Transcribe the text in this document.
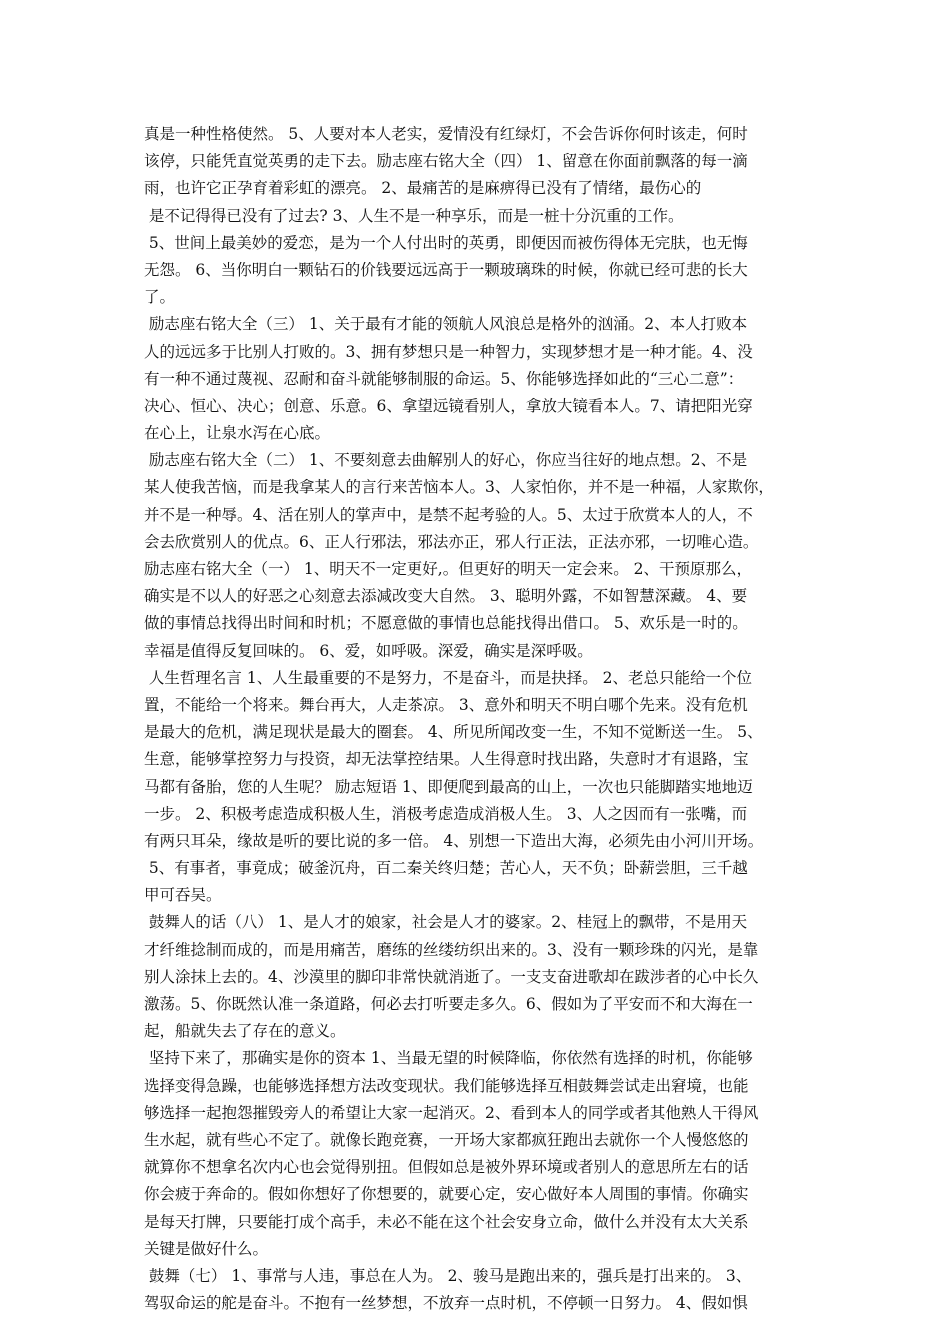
真是一种性格使然。 5、人要对本人老实，爱情没有红绿灯，不会告诉你何时该走，何时
该停，只能凭直觉英勇的走下去。励志座右铭大全（四） 1、留意在你面前飘落的每一滴
雨，也许它正孕育着彩虹的漂亮。 2、最痛苦的是麻痹得已没有了情绪，最伤心的
是不记得得已没有了过去? 3、人生不是一种享乐，而是一桩十分沉重的工作。
5、世间上最美妙的爱恋，是为一个人付出时的英勇，即便因而被伤得体无完肤，也无悔
无怨。 6、当你明白一颗钻石的价钱要远远高于一颗玻璃珠的时候，你就已经可悲的长大
了。
励志座右铭大全（三） 1、关于最有才能的领航人风浪总是格外的汹涌。2、本人打败本
人的远远多于比别人打败的。3、拥有梦想只是一种智力，实现梦想才是一种才能。4、没
有一种不通过蔑视、忍耐和奋斗就能够制服的命运。5、你能够选择如此的“三心二意”：
决心、恒心、决心；创意、乐意。6、拿望远镜看别人，拿放大镜看本人。7、请把阳光穿
在心上，让泉水泻在心底。
励志座右铭大全（二） 1、不要刻意去曲解别人的好心，你应当往好的地点想。2、不是
某人使我苦恼，而是我拿某人的言行来苦恼本人。3、人家怕你，并不是一种福，人家欺你，
并不是一种辱。4、活在别人的掌声中，是禁不起考验的人。5、太过于欣赏本人的人，不
会去欣赏别人的优点。6、正人行邪法，邪法亦正，邪人行正法，正法亦邪，一切唯心造。
励志座右铭大全（一） 1、明天不一定更好,。但更好的明天一定会来。 2、干预原那么，
确实是不以人的好恶之心刻意去添减改变大自然。 3、聪明外露，不如智慧深藏。 4、要
做的事情总找得出时间和时机；不愿意做的事情也总能找得出借口。 5、欢乐是一时的。
幸福是值得反复回味的。 6、爱，如呼吸。深爱，确实是深呼吸。
人生哲理名言 1、人生最重要的不是努力，不是奋斗，而是抉择。 2、老总只能给一个位
置，不能给一个将来。舞台再大，人走茶凉。 3、意外和明天不明白哪个先来。没有危机
是最大的危机，满足现状是最大的圈套。 4、所见所闻改变一生，不知不觉断送一生。 5、
生意，能够掌控努力与投资，却无法掌控结果。人生得意时找出路，失意时才有退路，宝
马都有备胎，您的人生呢？ 励志短语 1、即便爬到最高的山上，一次也只能脚踏实地地迈
一步。 2、积极考虑造成积极人生，消极考虑造成消极人生。 3、人之因而有一张嘴，而
有两只耳朵，缘故是听的要比说的多一倍。 4、别想一下造出大海，必须先由小河川开场。
5、有事者，事竟成；破釜沉舟，百二秦关终归楚；苦心人，天不负；卧薪尝胆，三千越
甲可吞吴。
鼓舞人的话（八） 1、是人才的娘家，社会是人才的婆家。2、桂冠上的飘带，不是用天
才纤维捻制而成的，而是用痛苦，磨练的丝缕纺织出来的。3、没有一颗珍珠的闪光，是靠
别人涂抹上去的。4、沙漠里的脚印非常快就消逝了。一支支奋进歌却在跋涉者的心中长久
激荡。5、你既然认准一条道路，何必去打听要走多久。6、假如为了平安而不和大海在一
起，船就失去了存在的意义。
坚持下来了，那确实是你的资本 1、当最无望的时候降临，你依然有选择的时机，你能够
选择变得急躁，也能够选择想方法改变现状。我们能够选择互相鼓舞尝试走出窘境，也能
够选择一起抱怨摧毁旁人的希望让大家一起消灭。2、看到本人的同学或者其他熟人干得风
生水起，就有些心不定了。就像长跑竞赛，一开场大家都疯狂跑出去就你一个人慢悠悠的
就算你不想拿名次内心也会觉得别扭。但假如总是被外界环境或者别人的意思所左右的话
你会疲于奔命的。假如你想好了你想要的，就要心定，安心做好本人周围的事情。你确实
是每天打牌，只要能打成个高手，未必不能在这个社会安身立命，做什么并没有太大关系
关键是做好什么。
鼓舞（七） 1、事常与人违，事总在人为。 2、骏马是跑出来的，强兵是打出来的。 3、
驾驭命运的舵是奋斗。不抱有一丝梦想，不放弃一点时机，不停顿一日努力。 4、假如惧
